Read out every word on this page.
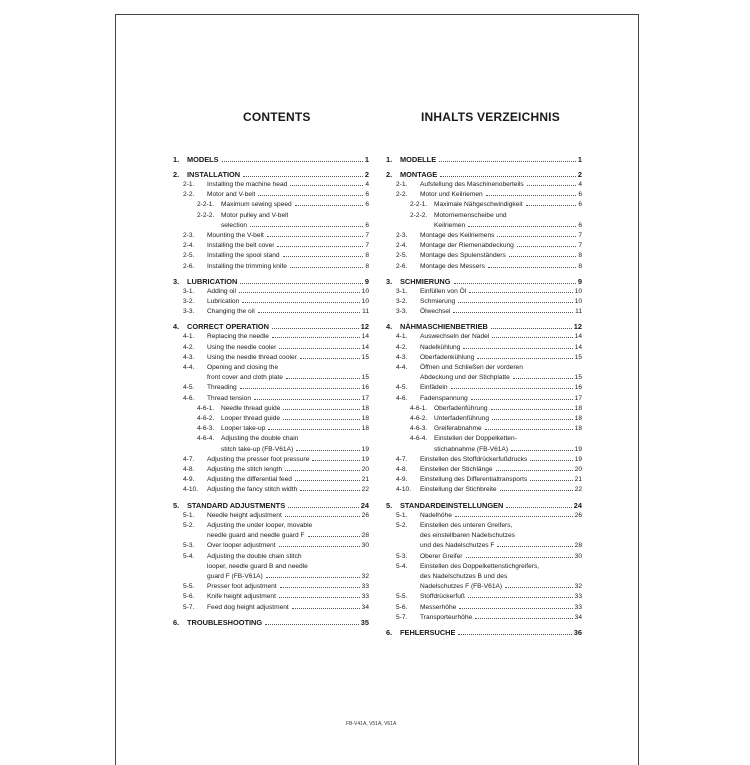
CONTENTS	INHALTS VERZEICHNIS
1.	MODELS	1
2.	INSTALLATION	2
2-1.	Installing the machine head	4
2-2.	Motor and V-belt	6
2-2-1.	Maximum sewing speed	6
2-2-2.	Motor pulley and V-belt
selection	6
2-3.	Mounting the V-belt	7
2-4.	Installing the belt cover	7
2-5.	Installing the spool stand	8
2-6.	Installing the trimming knife	8
3.	LUBRICATION	9
3-1.	Adding oil	10
3-2.	Lubrication	10
3-3.	Changing the oil	11
4.	CORRECT OPERATION	12
4-1.	Replacing the needle	14
4-2.	Using the needle cooler	14
4-3.	Using the needle thread cooler	15
4-4.	Opening and closing the
front cover and cloth plate	15
4-5.	Threading	16
4-6.	Thread tension	17
4-6-1.	Needle thread guide	18
4-6-2.	Looper thread guide	18
4-6-3.	Looper take-up	18
4-6-4.	Adjusting the double chain
stitch take-up (FB-V61A)	19
4-7.	Adjusting the presser foot pressure	19
4-8.	Adjusting the stitch length	20
4-9.	Adjusting the differential feed	21
4-10.	Adjusting the fancy stitch width	22
5.	STANDARD ADJUSTMENTS	24
5-1.	Needle height adjustment	26
5-2.	Adjusting the under looper, movable
needle guard and needle guard F	28
5-3.	Over looper adjustment	30
5-4.	Adjusting the double chain stitch
looper, needle guard B and needle
guard F (FB-V61A)	32
5-5.	Presser foot adjustment	33
5-6.	Knife height adjustment	33
5-7.	Feed dog height adjustment	34
6.	TROUBLESHOOTING	35
1.	MODELLE	1
2.	MONTAGE	2
2-1.	Aufstellung des Maschinenoberteils	4
2-2.	Motor und Keilriemen	6
2-2-1.	Maximale Nähgeschwindigkeit	6
2-2-2.	Motorriemenscheibe und
Keilriemen	6
2-3.	Montage des Keilriemens	7
2-4.	Montage der Riemenabdeckung	7
2-5.	Montage des Spulenständers	8
2-6.	Montage des Messers	8
3.	SCHMIERUNG	9
3-1.	Einfüllen von Öl	10
3-2.	Schmierung	10
3-3.	Ölwechsel	11
4.	NÄHMASCHIENBETRIEB	12
4-1.	Auswechseln der Nadel	14
4-2.	Nadelkühlung	14
4-3.	Oberfadenkühlung	15
4-4.	Öffnen und Schließen der vorderen
Abdeckung und der Stichplatte	15
4-5.	Einfädeln	16
4-6.	Fadenspannung	17
4-6-1.	Oberfadenführung	18
4-6-2.	Unterfadenführung	18
4-6-3.	Greiferabnahme	18
4-6-4.	Einstellen der Doppelketten-
stichabnahme (FB-V61A)	19
4-7.	Einstellen des Stoffdrückerfußdrucks	19
4-8.	Einstellen der Stichlänge	20
4-9.	Einstellung des Differentialtransports	21
4-10.	Einstellung der Stichbreite	22
5.	STANDARDEINSTELLUNGEN	24
5-1.	Nadelhöhe	26
5-2.	Einstellen des unteren Greifers,
des einstellbaren Nadelschutzes
und des Nadelschutzes F	28
5-3.	Oberer Greifer	30
5-4.	Einstellen des Doppelkettenstichgreifers,
des Nadelschutzes B und des
Nadelschutzes F (FB-V61A)	32
5-5.	Stoffdrückerfuß	33
5-6.	Messerhöhe	33
5-7.	Transporteurhöhe	34
6.	FEHLERSUCHE	36
FB-V41A, V51A, V61A
